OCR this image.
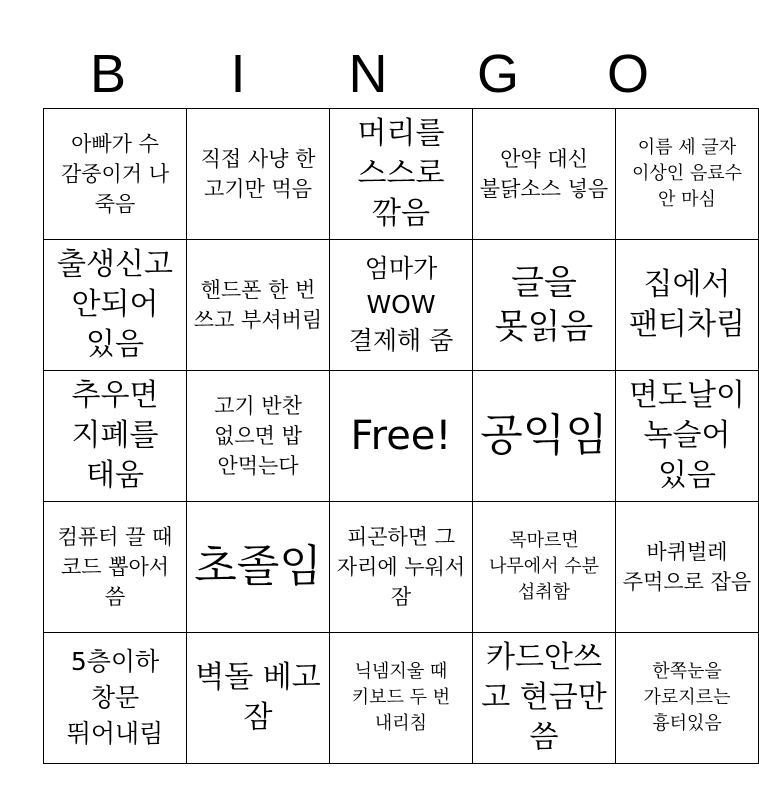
B	I	N	G	O
아빠가 수 감중이거 나 죽음	직접 사냥 한 고기만 먹음	머리를 스스로 깎음	안약 대신 불닭소스 넣음	이름 세 글자 이상인 음료수 안 마심
출생신고 안되어 있음	핸드폰 한 번 쓰고 부셔버림	엄마가 WOW 결제해 줌	글을 못읽음	집에서 팬티차림
추우면 지폐를 태움	고기 반찬 없으면 밥 안먹는다	Free!	공익임	면도날이 녹슬어 있음
컴퓨터 끌 때 코드 뽑아서 씀	초졸임	피곤하면 그 자리에 누워서 잠	목마르면 나무에서 수분 섭취함	바퀴벌레 주먹으로 잡음
5층이하 창문 뛰어내림	벽돌 베고 잠	닉넴지울 때 키보드 두 번 내리침	카드안쓰고 현금만 씀	한쪽눈을 가로지르는 흉터있음
